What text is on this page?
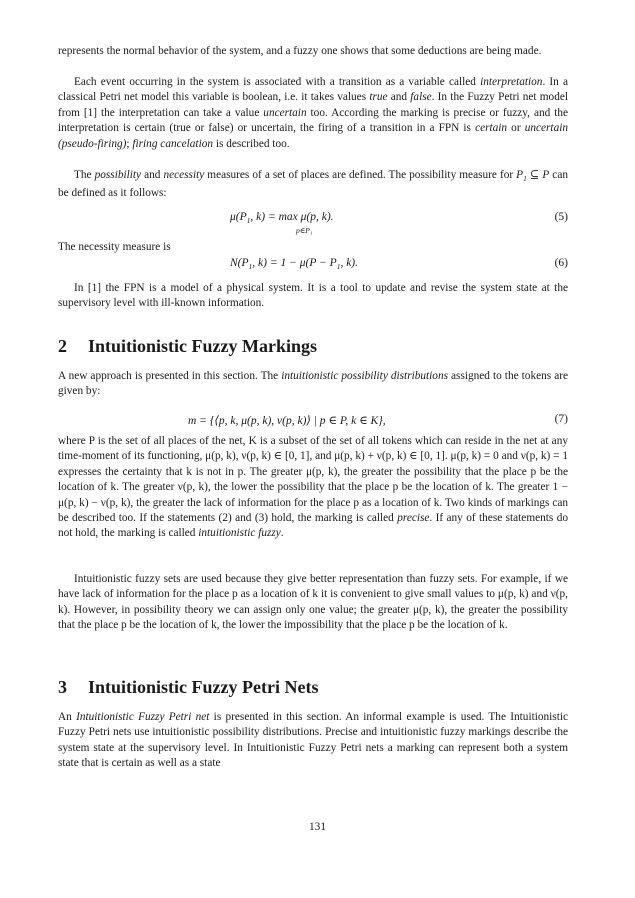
represents the normal behavior of the system, and a fuzzy one shows that some deductions are being made.
Each event occurring in the system is associated with a transition as a variable called interpretation. In a classical Petri net model this variable is boolean, i.e. it takes values true and false. In the Fuzzy Petri net model from [1] the interpretation can take a value uncertain too. According the marking is precise or fuzzy, and the interpretation is certain (true or false) or uncertain, the firing of a transition in a FPN is certain or uncertain (pseudo-firing); firing cancelation is described too.
The possibility and necessity measures of a set of places are defined. The possibility measure for $P_1$ ⊆ P can be defined as it follows:
$\mu(P_1$, k) = max μ(p, k).
p∈P₁
(5)
The necessity measure is
$N(P_1$, $k) = 1 - \mu(P - P_1$, k).	(6)
In [1] the FPN is a model of a physical system. It is a tool to update and revise the system state at the supervisory level with ill-known information.
2 Intuitionistic Fuzzy Markings
A new approach is presented in this section. The intuitionistic possibility distributions assigned to the tokens are given by:
m = {⟨p, k, μ(p, k), ν(p, k)⟩ | p ∈ P, k ∈ K},	(7)
where P is the set of all places of the net, K is a subset of the set of all tokens which can reside in the net at any time-moment of its functioning, μ(p, k), ν(p, k) ∈ [0, 1], and μ(p, k) + ν(p, k) ∈ [0, 1]. μ(p, k) = 0 and ν(p, k) = 1 expresses the certainty that k is not in p. The greater μ(p, k), the greater the possibility that the place p be the location of k. The greater ν(p, k), the lower the possibility that the place p be the location of k. The greater 1 − μ(p, k) − ν(p, k), the greater the lack of information for the place p as a location of k. Two kinds of markings can be described too. If the statements (2) and (3) hold, the marking is called precise. If any of these statements do not hold, the marking is called intuitionistic fuzzy.
Intuitionistic fuzzy sets are used because they give better representation than fuzzy sets. For example, if we have lack of information for the place p as a location of k it is convenient to give small values to μ(p, k) and ν(p, k). However, in possibility theory we can assign only one value; the greater μ(p, k), the greater the possibility that the place p be the location of k, the lower the impossibility that the place p be the location of k.
3 Intuitionistic Fuzzy Petri Nets
An Intuitionistic Fuzzy Petri net is presented in this section. An informal example is used. The Intuitionistic Fuzzy Petri nets use intuitionistic possibility distributions. Precise and intuitionistic fuzzy markings describe the system state at the supervisory level. In Intuitionistic Fuzzy Petri nets a marking can represent both a system state that is certain as well as a state
131
